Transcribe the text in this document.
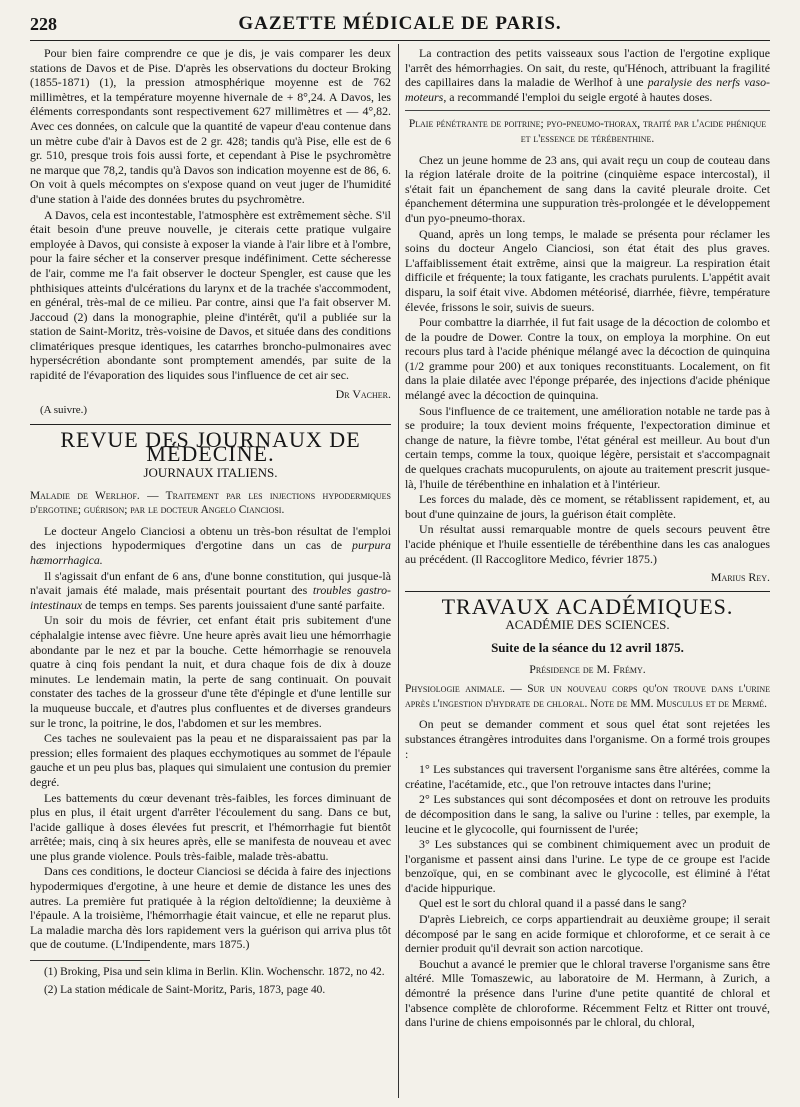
228	GAZETTE MÉDICALE DE PARIS.

Pour bien faire comprendre ce que je dis, je vais comparer les deux stations de Davos et de Pise. D'après les observations du docteur Broking (1855-1871) (1), la pression atmosphérique moyenne est de 762 millimètres, et la température moyenne hivernale de + 8°,24. A Davos, les éléments correspondants sont respectivement 627 millimètres et — 4°,82. Avec ces données, on calcule que la quantité de vapeur d'eau contenue dans un mètre cube d'air à Davos est de 2 gr. 428; tandis qu'à Pise, elle est de 6 gr. 510, presque trois fois aussi forte, et cependant à Pise le psychromètre ne marque que 78,2, tandis qu'à Davos son indication moyenne est de 86, 6. On voit à quels mécomptes on s'expose quand on veut juger de l'humidité d'une station à l'aide des données brutes du psychromètre.

A Davos, cela est incontestable, l'atmosphère est extrêmement sèche. S'il était besoin d'une preuve nouvelle, je citerais cette pratique vulgaire employée à Davos, qui consiste à exposer la viande à l'air libre et à l'ombre, pour la faire sécher et la conserver presque indéfiniment. Cette sécheresse de l'air, comme me l'a fait observer le docteur Spengler, est cause que les phthisiques atteints d'ulcérations du larynx et de la trachée s'accommodent, en général, très-mal de ce milieu. Par contre, ainsi que l'a fait observer M. Jaccoud (2) dans la monographie, pleine d'intérêt, qu'il a publiée sur la station de Saint-Moritz, très-voisine de Davos, et située dans des conditions climatériques presque identiques, les catarrhes broncho-pulmonaires avec hypersécrétion abondante sont promptement amendés, par suite de la rapidité de l'évaporation des liquides sous l'influence de cet air sec.

Dr Vacher.
(A suivre.)
REVUE DES JOURNAUX DE MÉDECINE.
JOURNAUX ITALIENS.

Maladie de Werlhof. — Traitement par les injections hypodermiques d'ergotine; guérison; par le docteur Angelo Cianciosi.

Le docteur Angelo Cianciosi a obtenu un très-bon résultat de l'emploi des injections hypodermiques d'ergotine dans un cas de purpura hæmorrhagica.

Il s'agissait d'un enfant de 6 ans, d'une bonne constitution, qui jusque-là n'avait jamais été malade, mais présentait pourtant des troubles gastro-intestinaux de temps en temps. Ses parents jouissaient d'une santé parfaite.

Un soir du mois de février, cet enfant était pris subitement d'une céphalalgie intense avec fièvre. Une heure après avait lieu une hémorrhagie abondante par le nez et par la bouche. Cette hémorrhagie se renouvela quatre à cinq fois pendant la nuit, et dura chaque fois de dix à douze minutes. Le lendemain matin, la perte de sang continuait. On pouvait constater des taches de la grosseur d'une tête d'épingle et d'une lentille sur la muqueuse buccale, et d'autres plus confluentes et de diverses grandeurs sur le tronc, la poitrine, le dos, l'abdomen et sur les membres.

Ces taches ne soulevaient pas la peau et ne disparaissaient pas par la pression; elles formaient des plaques ecchymotiques au sommet de l'épaule gauche et un peu plus bas, plaques qui simulaient une contusion du premier degré.

Les battements du cœur devenant très-faibles, les forces diminuant de plus en plus, il était urgent d'arrêter l'écoulement du sang. Dans ce but, l'acide gallique à doses élevées fut prescrit, et l'hémorrhagie fut bientôt arrêtée; mais, cinq à six heures après, elle se manifesta de nouveau et avec une plus grande violence. Pouls très-faible, malade très-abattu.

Dans ces conditions, le docteur Cianciosi se décida à faire des injections hypodermiques d'ergotine, à une heure et demie de distance les unes des autres. La première fut pratiquée à la région deltoïdienne; la deuxième à l'épaule. A la troisième, l'hémorrhagie était vaincue, et elle ne reparut plus. La maladie marcha dès lors rapidement vers la guérison qui arriva plus tôt que de coutume. (L'Indipendente, mars 1875.)

(1) Broking, Pisa und sein klima in Berlin. Klin. Wochenschr. 1872, no 42.

(2) La station médicale de Saint-Moritz, Paris, 1873, page 40.

La contraction des petits vaisseaux sous l'action de l'ergotine explique l'arrêt des hémorrhagies. On sait, du reste, qu'Hénoch, attribuant la fragilité des capillaires dans la maladie de Werlhof à une paralysie des nerfs vaso-moteurs, a recommandé l'emploi du seigle ergoté à hautes doses.

Plaie pénétrante de poitrine; pyo-pneumo-thorax, traité par l'acide phénique et l'essence de térébenthine.

Chez un jeune homme de 23 ans, qui avait reçu un coup de couteau dans la région latérale droite de la poitrine (cinquième espace intercostal), il s'était fait un épanchement de sang dans la cavité pleurale droite. Cet épanchement détermina une suppuration très-prolongée et le développement d'un pyo-pneumo-thorax.

Quand, après un long temps, le malade se présenta pour réclamer les soins du docteur Angelo Cianciosi, son état était des plus graves. L'affaiblissement était extrême, ainsi que la maigreur. La respiration était difficile et fréquente; la toux fatigante, les crachats purulents. L'appétit avait disparu, la soif était vive. Abdomen météorisé, diarrhée, fièvre, température élevée, frissons le soir, suivis de sueurs.

Pour combattre la diarrhée, il fut fait usage de la décoction de colombo et de la poudre de Dower. Contre la toux, on employa la morphine. On eut recours plus tard à l'acide phénique mélangé avec la décoction de quinquina (1/2 gramme pour 200) et aux toniques reconstituants. Localement, on fit dans la plaie dilatée avec l'éponge préparée, des injections d'acide phénique mélangé avec la décoction de quinquina.

Sous l'influence de ce traitement, une amélioration notable ne tarde pas à se produire; la toux devient moins fréquente, l'expectoration diminue et change de nature, la fièvre tombe, l'état général est meilleur. Au bout d'un certain temps, comme la toux, quoique légère, persistait et s'accompagnait de quelques crachats mucopurulents, on ajoute au traitement prescrit jusque-là, l'huile de térébenthine en inhalation et à l'intérieur.

Les forces du malade, dès ce moment, se rétablissent rapidement, et, au bout d'une quinzaine de jours, la guérison était complète.

Un résultat aussi remarquable montre de quels secours peuvent être l'acide phénique et l'huile essentielle de térébenthine dans les cas analogues au précédent. (Il Raccoglitore Medico, février 1875.)

Marius Rey.
TRAVAUX ACADÉMIQUES.
ACADÉMIE DES SCIENCES.

Suite de la séance du 12 avril 1875.

Présidence de M. Frémy.

Physiologie animale. — Sur un nouveau corps qu'on trouve dans l'urine après l'ingestion d'hydrate de chloral. Note de MM. Musculus et de Mermé.

On peut se demander comment et sous quel état sont rejetées les substances étrangères introduites dans l'organisme. On a formé trois groupes :

1° Les substances qui traversent l'organisme sans être altérées, comme la créatine, l'acétamide, etc., que l'on retrouve intactes dans l'urine;

2° Les substances qui sont décomposées et dont on retrouve les produits de décomposition dans le sang, la salive ou l'urine : telles, par exemple, la leucine et le glycocolle, qui fournissent de l'urée;

3° Les substances qui se combinent chimiquement avec un produit de l'organisme et passent ainsi dans l'urine. Le type de ce groupe est l'acide benzoïque, qui, en se combinant avec le glycocolle, est éliminé à l'état d'acide hippurique.

Quel est le sort du chloral quand il a passé dans le sang?

D'après Liebreich, ce corps appartiendrait au deuxième groupe; il serait décomposé par le sang en acide formique et chloroforme, et ce serait à ce dernier produit qu'il devrait son action narcotique.

Bouchut a avancé le premier que le chloral traverse l'organisme sans être altéré. Mlle Tomaszewic, au laboratoire de M. Hermann, à Zurich, a démontré la présence dans l'urine d'une petite quantité de chloral et l'absence complète de chloroforme. Récemment Feltz et Ritter ont trouvé, dans l'urine de chiens empoisonnés par le chloral, du chloral,
